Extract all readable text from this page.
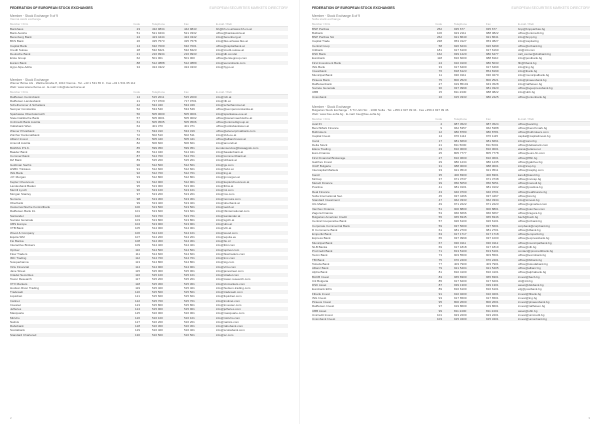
FEDERATION OF EUROPEAN STOCK EXCHANGES	EUROPEAN SECURITIES MARKETS DIRECTORY
Member · Stock Exchange 9 of 9
Vienna stock exchange
Member / Firm	Code	Telephone	Fax	E-mail / Web
Bankhaus	23	432 9834	442 9843	bh@bh.co.at/www.bh.co.at
Bank Austria	51	521 9434	521 3332	office@bankaustria.at
Berenberg Bank	24	423 4444	424 4342	info@berenberg.at
BKS Bank	26	325 7573	325 7578	info@bks.at/www.bks.at
Capital Bank	14	632 7000	632 7001	office@capitalbank.at
Credit Suisse	28	532 8421	532 8423	info@credit-suisse.at
Deutsche Bank	21	216 9934	216 9933	info@db.com/at
Erste Group	62	501 001	501 000	office@erstegroup.com
Euram Bank	88	512 3888	512 3889	info@eurambank.com
Hypo Alpe-Adria	34	324 4322	324 4333	info@hypo.at
Member · Stock Exchange
Wiener Börse AG · Wallnerstraße 8, 1010 Vienna · Tel. +43 1 531 65 0 · Fax +43 1 531 65 112
Web: www.wienerborse.at · E-mail: info@wienerborse.at
Member / Firm	Code	Telephone	Fax	E-mail / Web
Raiffeisen Centrobank	14	515 2011	515 2000	info@rcb.at
Raiffeisen Landesbank	21	717 0700	717 0701	info@rlb.at
Schelhammer & Schattera	42	534 340	534 349	info@schelhammer.at
Semper Constantia	52	534 540	534 549	office@semperconstantia.at
Sparkasse Oberösterreich	56	505 0000	505 0001	info@sparkasse-ooe.at
Steiermärkische Bank	57	505 0001	505 0002	office@steiermaerkische.at
UniCredit Bank Austria	61	505 0505	505 0506	office@unicreditgroup.at
Volksbank Wien	64	401 370	401 371	office@volksbankwien.at
Wiener Privatbank	71	534 310	534 319	office@wienerprivatbank.com
Zürcher Kantonalbank	72	502 510	502 511	info@zkb-oe.at
Allianz Invest	81	505 440	505 441	office@allianzinvest.at
Amundi Austria	82	506 600	506 601	info@amundi.at
BAWAG P.S.K.	85	599 050	599 051	kundenservice@bawagpsk.com
Baader Bank	86	514 040	514 041	info@baaderbank.at
Commerzbank	87	514 700	514 701	info@commerzbank.at
DZ Bank	89	515 200	515 201	info@dzbank.at
Goldman Sachs	90	512 500	512 501	info@gs.com
HSBC Trinkaus	91	512 600	512 601	info@hsbc.at
ING Bank	92	512 700	512 701	info@ing.at
J.P. Morgan	93	512 800	512 801	info@jpmorgan.at
Kepler Cheuvreux	94	512 900	512 901	info@keplercheuvreux.at
Landesbank Baden	95	513 000	513 001	info@lbbw.at
Merrill Lynch	96	513 100	513 101	info@ml.com
Morgan Stanley	97	513 200	513 201	info@ms.com
Nomura	98	513 300	513 301	info@nomura.com
Oberbank	99	513 400	513 401	info@oberbank.at
Oesterreichische Kontrollbank	100	513 500	513 501	info@oekb.at
Raiffeisen Bank Int.	101	513 600	513 601	info@rbinternational.com
Santander	102	513 700	513 701	info@santander.at
Société Générale	103	513 800	513 801	info@sgcib.at
UBS Europe	104	513 900	513 901	info@ubs.at
VTB Bank	105	514 000	514 001	info@vtb.at
Wood & Company	106	514 100	514 101	info@wood.com
Equita SIM	107	514 200	514 201	info@equita.eu
Fio Banka	108	514 300	514 301	info@fio.cz
Interactive Brokers	109	514 400	514 401	info@ibkr.com
Optiver	110	514 500	514 501	info@optiver.com
Flow Traders	111	514 600	514 601	info@flowtraders.com
IMC Trading	112	514 700	514 701	info@imc.com
Susquehanna	113	514 800	514 801	info@sig.com
Virtu Financial	114	514 900	514 901	info@virtu.com
Jane Street	115	515 000	515 001	info@janestreet.com
Citadel Securities	116	515 100	515 101	info@citadel.com
Tower Research	117	515 200	515 201	info@tower-research.com
XTX Markets	118	515 300	515 301	info@xtxmarkets.com
Hudson River Trading	119	515 400	515 401	info@hudson-trading.com
Tradeweb	120	515 500	515 501	info@tradeweb.com
Liquidnet	121	515 600	515 601	info@liquidnet.com
Instinet	122	515 700	515 701	info@instinet.com
Investec	123	515 800	515 801	info@investec.com
Jefferies	124	515 900	515 901	info@jefferies.com
Macquarie	125	516 000	516 001	info@macquarie.com
Mizuho	126	516 100	516 101	info@mizuho.com
Natixis	127	516 200	516 201	info@natixis.com
Rabobank	128	516 300	516 301	info@rabobank.com
Scotiabank	129	516 400	516 401	info@scotiabank.com
Standard Chartered	130	516 500	516 501	info@sc.com
2
FEDERATION OF EUROPEAN STOCK EXCHANGES	EUROPEAN SECURITIES MARKETS DIRECTORY
Member · Stock Exchange 8 of 9
Sofia stock exchange
Member / Firm	Code	Telephone	Fax	E-mail / Web
BNP Paribas	252	935 677	935 677	bnp@bnpparibas.bg
Bulbank	106	923 2111	988 0822	office@unicredit.bg
BNP Paribas SA	262	921 8640	921 8641	info@bnpp.bg
Capital Trade	238	953 3127	953 3827	info@capital.bg
Central Coop	58	926 6234	926 6299	office@ccbank.bg
Citibank	181	917 6100	917 6160	citi@citi.com
DSK Bank	162	939 1220	980 6477	call_center@dskbank.bg
Eurobank	118	816 6000	988 8110	info@postbank.bg
First Investment Bank	24	910 0100	980 5033	fib@fibank.bg
ING Bank	33	917 6400	917 6499	info@ing.bg
Investbank	76	818 6123	854 8199	info@ibank.bg
Municipal Bank	11	930 0111	930 0270	info@municipalbank.bg
Piraeus Bank	75	800 2520	800 2521	info@piraeusbank.bg
Raiffeisenbank	27	919 85101	943 4528	info@raiffeisen.bg
Societe Generale	30	937 0999	981 0320	office@sgexpressbank.bg
UBB	15	811 2330	988 0822	info@ubb.bg
Unionbank	16	915 3333	980 2425	office@unionbank.bg
Member · Stock Exchange
Bulgarian Stock Exchange · 6 Tri Ushi Str. · 1000 Sofia · Tel. +359 2 937 09 34 · Fax +359 2 937 09 46
Web: www.bse-sofia.bg · E-mail: bse@bse-sofia.bg
Member / Firm	Code	Telephone	Fax	E-mail / Web
Aval IN	4	987 4523	987 4524	office@aval.bg
BenchMark Finance	9	962 5357	962 5388	office@benchmark.bg
Bulbrokers	12	980 8780	980 8781	office@bulbrokers.com
Capital Invest	14	976 1114	976 1115	capital@capitalinvest.bg
Carol	17	981 6660	981 6661	info@carol.bg
Delta Stock	21	811 5000	811 5001	office@deltastock.com
Elana Trading	23	810 0000	810 0001	elana@elana.net
Euro-Finance	25	805 7777	805 7778	office@euro-fin.com
First Financial Brokerage	27	810 0600	810 0601	office@ffbh.bg
Galchev Invest	29	980 1234	980 1235	office@galchev.bg
ICAP Bulgaria	31	988 0000	988 0001	info@icap.bg
Intercapital Markets	33	921 0510	921 0511	office@icapbg.com
Karoll	35	400 8300	400 8301	karoll@karoll.bg
McCap	37	971 3737	971 3738	office@mccap.bg
Metodi Finance	39	950 5050	950 5051	office@metodi.bg
Positiva	41	981 0101	981 0102	office@positiva.bg
Real Finance	43	940 0700	940 0701	office@realfinance.bg
Sofia International Sec.	45	937 4466	937 4467	office@sis.bg
Standard Investment	47	962 3333	962 3334	info@sinvest.bg
UG Market	49	971 2222	971 2223	office@ugmarket.com
Varchev Finance	51	900 8800	900 8801	office@varchev.com
Zagora Finance	53	966 6666	966 6667	office@zagora.bg
Bulgarian American Credit	55	965 8345	965 8346	bacb@bacb.bg
Central Cooperative Bank	57	926 6100	926 6101	office@ccbank.bg
Corporate Commercial Bank	59	937 5600	937 5601	corpbank@corpbank.bg
D Commerce Bank	61	981 2700	981 2701	office@dbank.bg
Emporiki Bank	63	917 1717	917 1718	office@emporiki.bg
Express Bank	65	937 0999	937 1000	office@expressbank.bg
Municipal Bank	67	930 0111	930 0112	office@municipalbank.bg
NLB Banka	69	917 1818	917 1819	office@nlb.bg
ProCredit Bank	71	813 5100	813 5101	contact@procreditbank.bg
Texim Bank	73	903 5500	903 5501	office@teximbank.bg
TBI Bank	75	970 2400	970 2401	office@tbibank.bg
Tokuda Bank	77	403 7900	403 7901	office@tokudabank.bg
Allianz Bank	79	921 5404	921 5405	office@allianz.bg
Alpha Bank	81	810 4100	810 4101	office@alphabank.bg
BACB Invest	83	965 8300	965 8301	invest@bacb.bg
Citi Bulgaria	85	917 6200	917 6201	citi@citi.bg
DSK Asset	87	939 1300	939 1301	asset@dskbank.bg
Eurobank EFG	89	816 6100	816 6101	efg@postbank.bg
Fibank Invest	91	910 0200	910 0201	invest@fibank.bg
ING Invest	93	917 6500	917 6501	invest@ing.bg
Piraeus Invest	95	800 2600	800 2601	invest@piraeusbank.bg
Raiffeisen Invest	97	919 8600	919 8601	invest@raiffeisen.bg
UBB Asset	99	811 2400	811 2401	asset@ubb.bg
Unicredit Invest	101	923 2200	923 2201	invest@unicredit.bg
Unionbank Invest	103	915 3400	915 3401	invest@unionbank.bg
3
